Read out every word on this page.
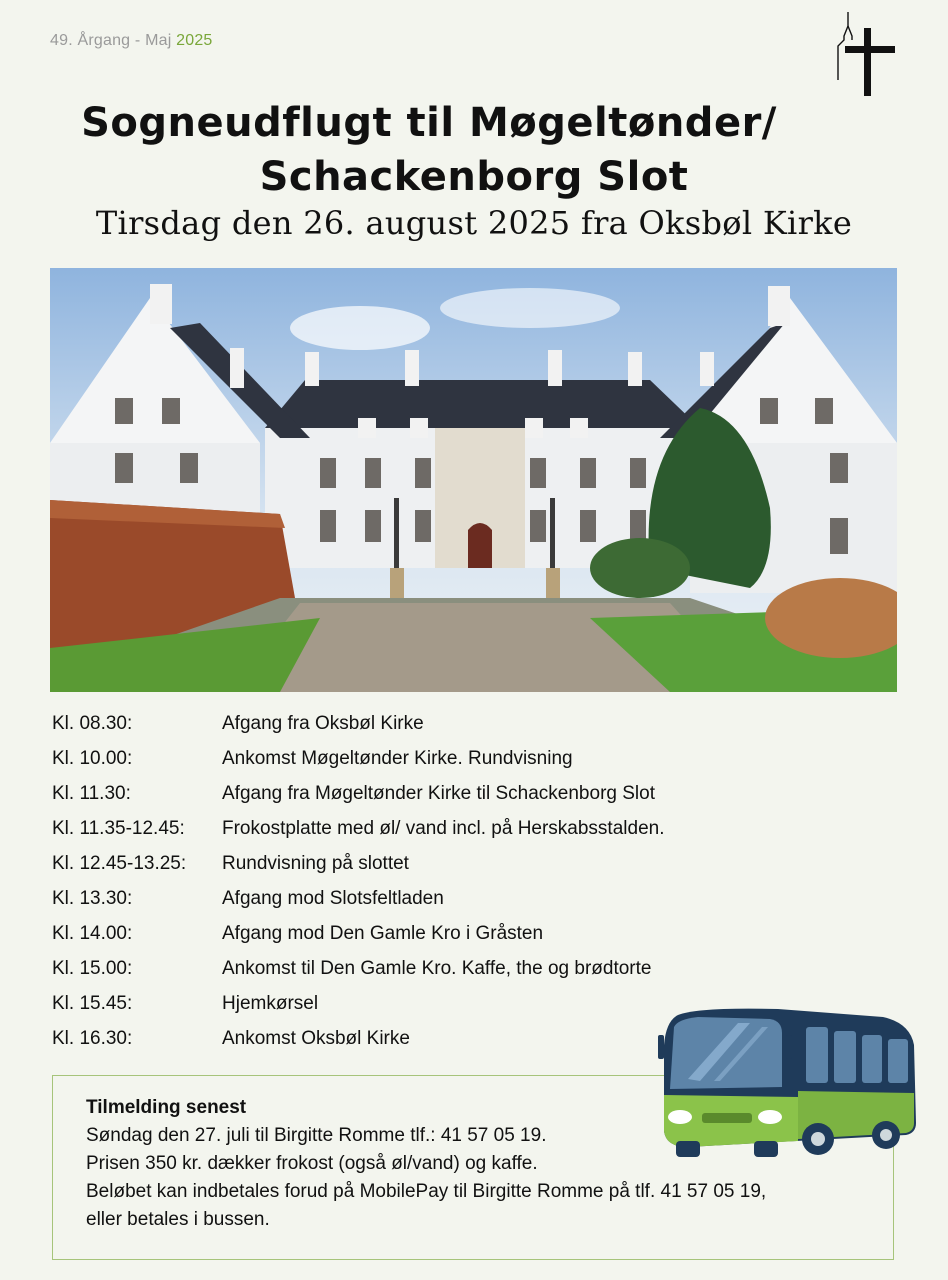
49. Årgang - Maj 2025
Sogneudflugt til Møgeltønder/
Schackenborg Slot
Tirsdag den 26. august 2025 fra Oksbøl Kirke
Kl. 08.30:	Afgang fra Oksbøl Kirke
Kl. 10.00:	Ankomst Møgeltønder Kirke. Rundvisning
Kl. 11.30:	Afgang fra Møgeltønder Kirke til Schackenborg Slot
Kl. 11.35-12.45:	Frokostplatte med øl/ vand incl. på Herskabsstalden.
Kl. 12.45-13.25:	Rundvisning på slottet
Kl. 13.30:	Afgang mod Slotsfeltladen
Kl. 14.00:	Afgang mod Den Gamle Kro i Gråsten
Kl. 15.00:	Ankomst til Den Gamle Kro. Kaffe, the og brødtorte
Kl. 15.45:	Hjemkørsel
Kl. 16.30:	Ankomst Oksbøl Kirke
Tilmelding senest
Søndag den 27. juli til Birgitte Romme tlf.: 41 57 05 19.
Prisen 350 kr. dækker frokost (også øl/vand) og kaffe.
Beløbet kan indbetales forud på MobilePay til Birgitte Romme på tlf. 41 57 05 19,
eller betales i bussen.
